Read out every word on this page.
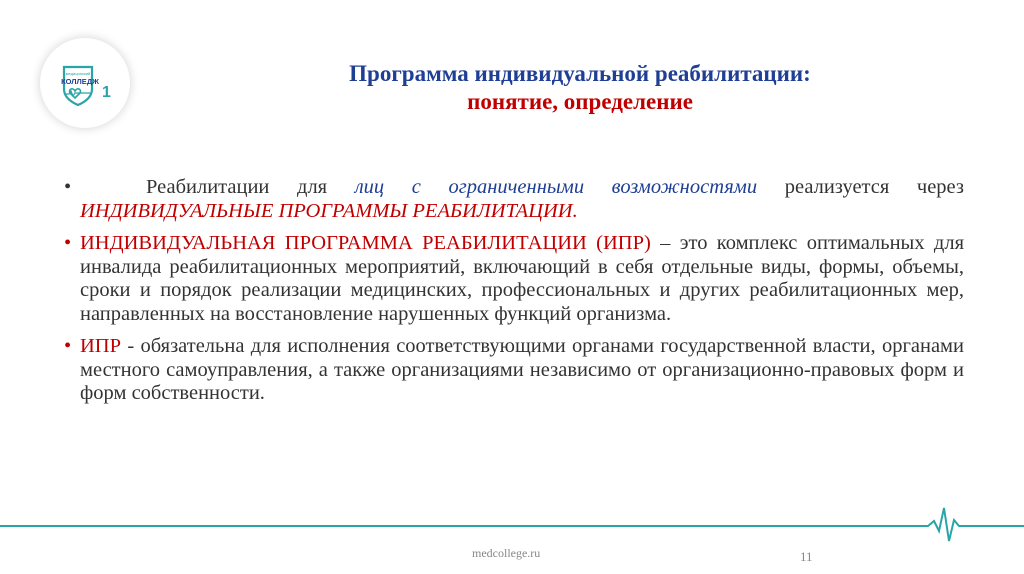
медицинский
КОЛЛЕДЖ
1
Программа индивидуальной реабилитации:
понятие, определение
•	Реабилитации для лиц с ограниченными возможностями реализуется через ИНДИВИДУАЛЬНЫЕ ПРОГРАММЫ РЕАБИЛИТАЦИИ.
• ИНДИВИДУАЛЬНАЯ ПРОГРАММА РЕАБИЛИТАЦИИ (ИПР) – это комплекс оптимальных для инвалида реабилитационных мероприятий, включающий в себя отдельные виды, формы, объемы, сроки и порядок реализации медицинских, профессиональных и других реабилитационных мер, направленных на восстановление нарушенных функций организма.
• ИПР - обязательна для исполнения соответствующими органами государственной власти, органами местного самоуправления, а также организациями независимо от организационно-правовых форм и форм собственности.
medcollege.ru	11
